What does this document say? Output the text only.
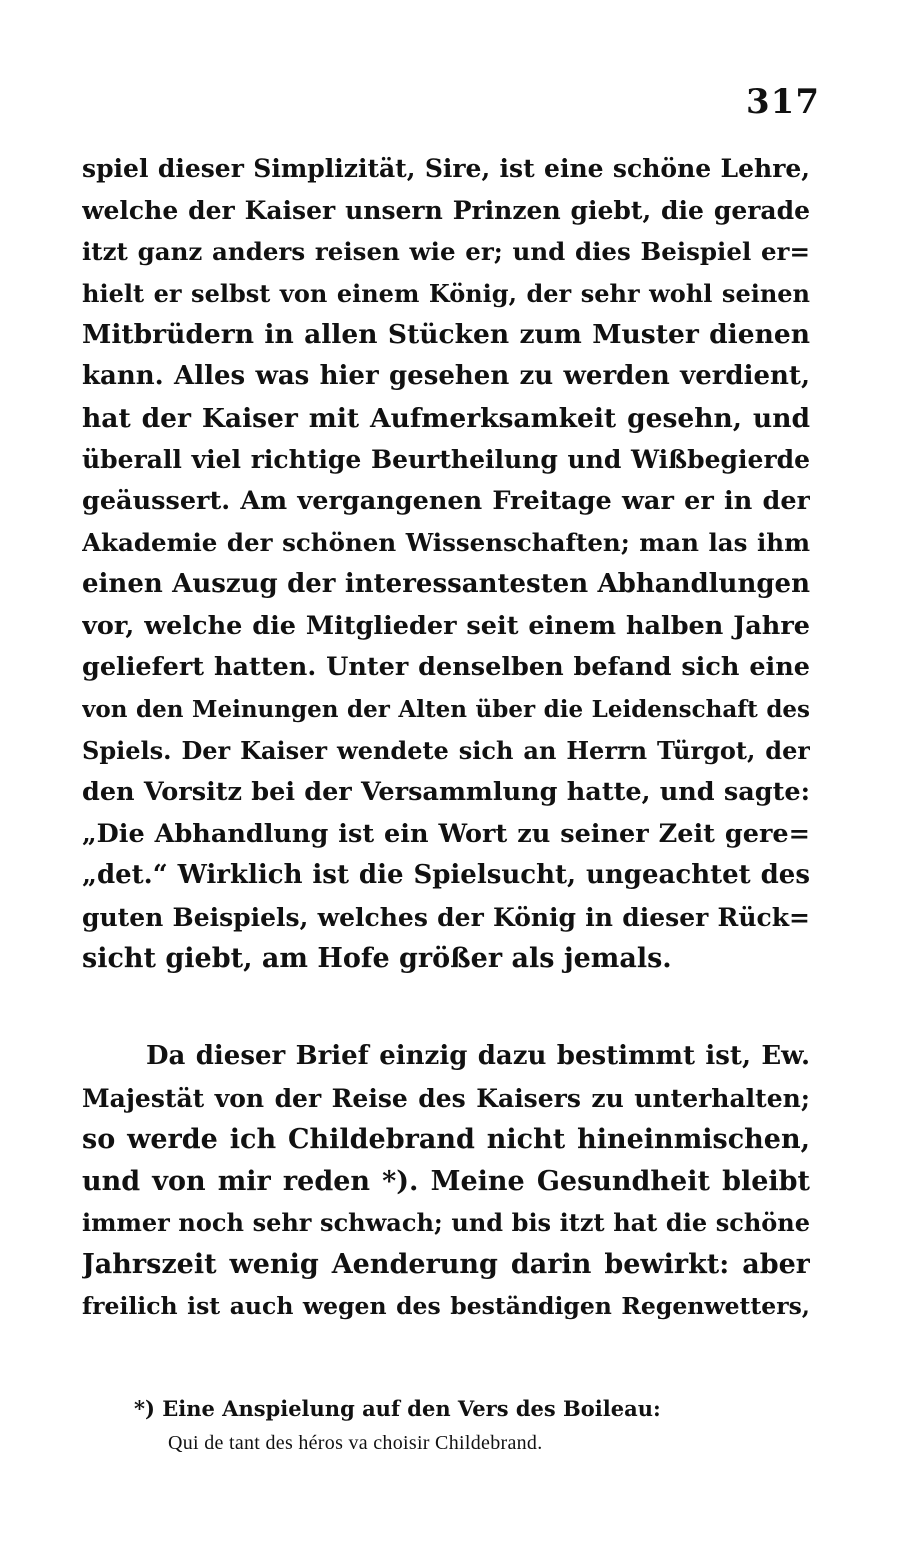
317
spiel dieser Simplizität, Sire, ist eine schöne Lehre,
welche der Kaiser unsern Prinzen giebt, die gerade
itzt ganz anders reisen wie er; und dies Beispiel er=
hielt er selbst von einem König, der sehr wohl seinen
Mitbrüdern in allen Stücken zum Muster dienen
kann. Alles was hier gesehen zu werden verdient,
hat der Kaiser mit Aufmerksamkeit gesehn, und
überall viel richtige Beurtheilung und Wißbegierde
geäussert. Am vergangenen Freitage war er in der
Akademie der schönen Wissenschaften; man las ihm
einen Auszug der interessantesten Abhandlungen
vor, welche die Mitglieder seit einem halben Jahre
geliefert hatten. Unter denselben befand sich eine
von den Meinungen der Alten über die Leidenschaft des
Spiels. Der Kaiser wendete sich an Herrn Türgot, der
den Vorsitz bei der Versammlung hatte, und sagte:
„Die Abhandlung ist ein Wort zu seiner Zeit gere=
„det.“ Wirklich ist die Spielsucht, ungeachtet des
guten Beispiels, welches der König in dieser Rück=
sicht giebt, am Hofe größer als jemals.
Da dieser Brief einzig dazu bestimmt ist, Ew.
Majestät von der Reise des Kaisers zu unterhalten;
so werde ich Childebrand nicht hineinmischen,
und von mir reden *). Meine Gesundheit bleibt
immer noch sehr schwach; und bis itzt hat die schöne
Jahrszeit wenig Aenderung darin bewirkt: aber
freilich ist auch wegen des beständigen Regenwetters,
*) Eine Anspielung auf den Vers des Boileau:
Qui de tant des héros va choisir Childebrand.
